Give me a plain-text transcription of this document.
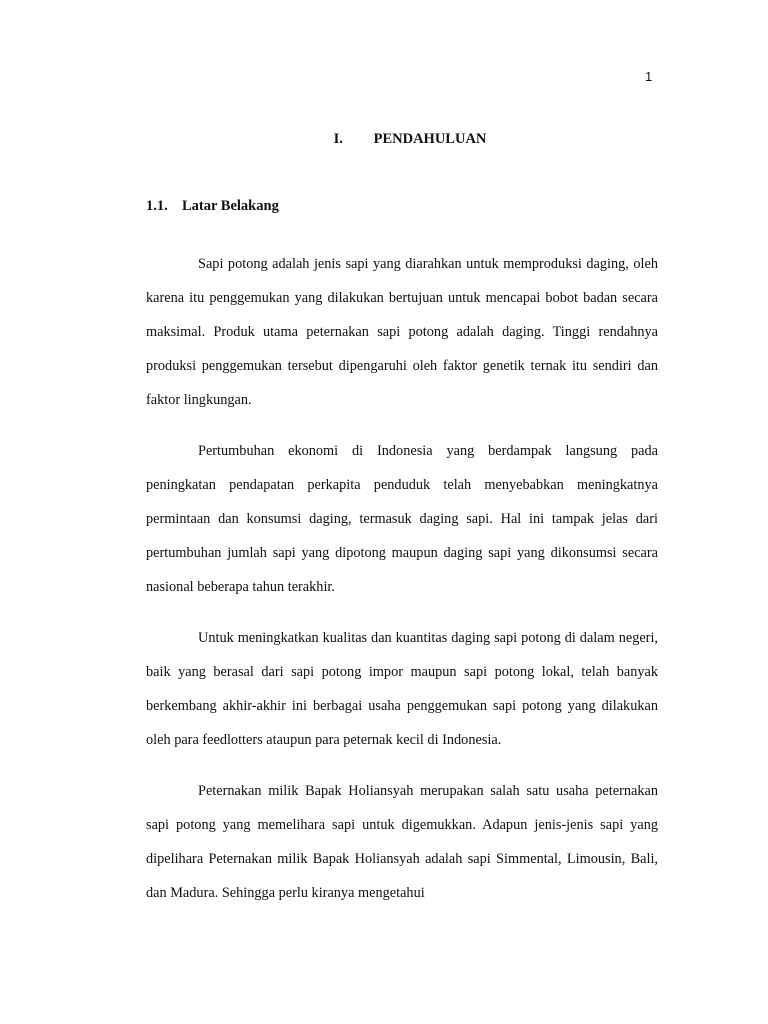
1
I. PENDAHULUAN
1.1. Latar Belakang

Sapi potong adalah jenis sapi yang diarahkan untuk memproduksi daging, oleh karena itu penggemukan yang dilakukan bertujuan untuk mencapai bobot badan secara maksimal. Produk utama peternakan sapi potong adalah daging. Tinggi rendahnya produksi penggemukan tersebut dipengaruhi oleh faktor genetik ternak itu sendiri dan faktor lingkungan.

Pertumbuhan ekonomi di Indonesia yang berdampak langsung pada peningkatan pendapatan perkapita penduduk telah menyebabkan meningkatnya permintaan dan konsumsi daging, termasuk daging sapi. Hal ini tampak jelas dari pertumbuhan jumlah sapi yang dipotong maupun daging sapi yang dikonsumsi secara nasional beberapa tahun terakhir.

Untuk meningkatkan kualitas dan kuantitas daging sapi potong di dalam negeri, baik yang berasal dari sapi potong impor maupun sapi potong lokal, telah banyak berkembang akhir-akhir ini berbagai usaha penggemukan sapi potong yang dilakukan oleh para feedlotters ataupun para peternak kecil di Indonesia.

Peternakan milik Bapak Holiansyah merupakan salah satu usaha peternakan sapi potong yang memelihara sapi untuk digemukkan. Adapun jenis-jenis sapi yang dipelihara Peternakan milik Bapak Holiansyah adalah sapi Simmental, Limousin, Bali, dan Madura. Sehingga perlu kiranya mengetahui
